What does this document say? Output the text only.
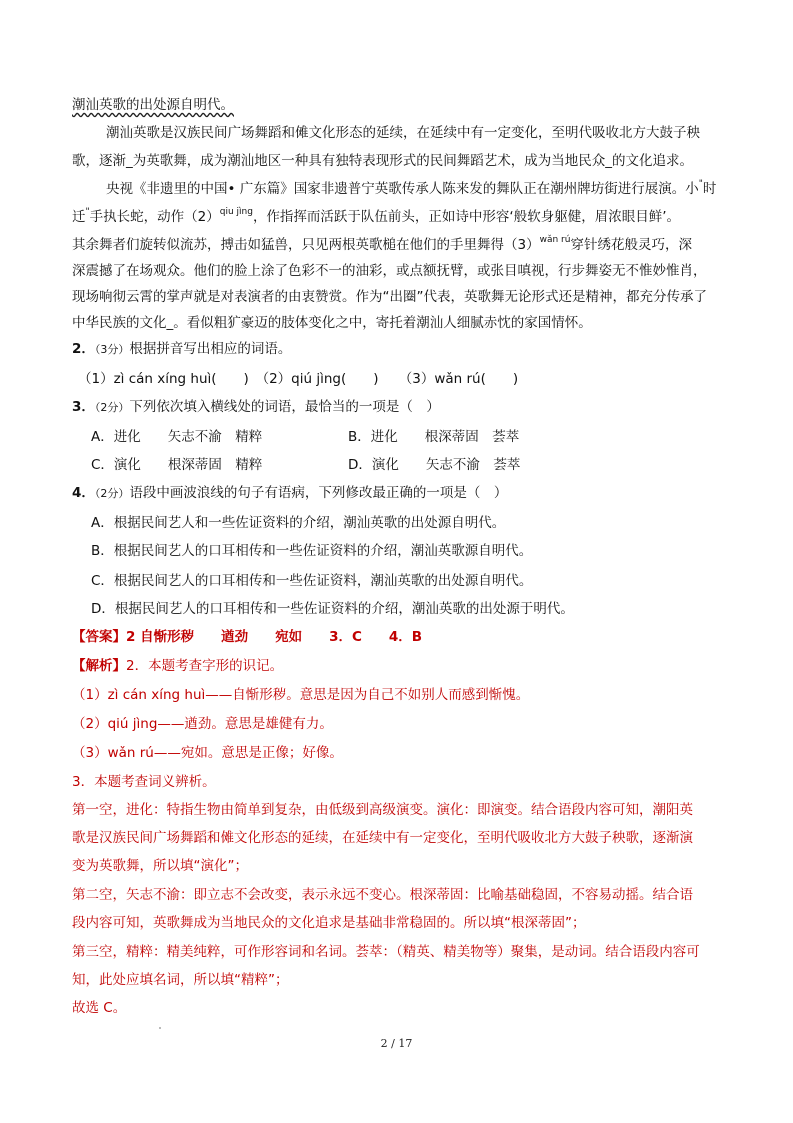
潮汕英歌的出处源自明代。
潮汕英歌是汉族民间广场舞蹈和傩文化形态的延续，在延续中有一定变化，至明代吸收北方大鼓子秧
歌，逐渐_为英歌舞，成为潮汕地区一种具有独特表现形式的民间舞蹈艺术，成为当地民众_的文化追求。
央视《非遗里的中国• 广东篇》国家非遗普宁英歌传承人陈来发的舞队正在潮州牌坊街进行展演。小"时
迁"手执长蛇，动作$(2)^{qiu jìng}$，作指挥而活跃于队伍前头，正如诗中形容‘般软身躯健，眉浓眼目鲜’。
其余舞者们旋转似流苏，搏击如猛兽，只见两根英歌槌在他们的手里舞得$(3)^{wǎn rú}$穿针绣花般灵巧，深
深震撼了在场观众。他们的脸上涂了色彩不一的油彩，或点额抚臂，或张目嗔视，行步舞姿无不惟妙惟肖，
现场响彻云霄的掌声就是对表演者的由衷赞赏。作为“出圈”代表，英歌舞无论形式还是精神，都充分传承了
中华民族的文化_。看似粗犷豪迈的肢体变化之中，寄托着潮汕人细腻赤忱的家国情怀。
2．（3分）根据拼音写出相应的词语。
（1）zì cán xíng huì(　　)　（2）qiú jìng(　　)　　（3）wǎn rú(　　)
3．（2分）下列依次填入横线处的词语，最恰当的一项是（　）
A．进化　　矢志不渝　精粹	B．进化　　根深蒂固　荟萃
C．演化　　根深蒂固　精粹	D．演化　　矢志不渝　荟萃
4．（2分）语段中画波浪线的句子有语病，下列修改最正确的一项是（　）
A．根据民间艺人和一些佐证资料的介绍，潮汕英歌的出处源自明代。
B．根据民间艺人的口耳相传和一些佐证资料的介绍，潮汕英歌源自明代。
C．根据民间艺人的口耳相传和一些佐证资料，潮汕英歌的出处源自明代。
D．根据民间艺人的口耳相传和一些佐证资料的介绍，潮汕英歌的出处源于明代。
【答案】2 自惭形秽　　遒劲　　宛如　　3．C　　4．B
【解析】2．本题考查字形的识记。
（1）zì cán xíng huì——自惭形秽。意思是因为自己不如别人而感到惭愧。
（2）qiú jìng——遒劲。意思是雄健有力。
（3）wǎn rú——宛如。意思是正像；好像。
3．本题考查词义辨析。
第一空，进化：特指生物由简单到复杂，由低级到高级演变。演化：即演变。结合语段内容可知，潮阳英
歌是汉族民间广场舞蹈和傩文化形态的延续，在延续中有一定变化，至明代吸收北方大鼓子秧歌，逐渐演
变为英歌舞，所以填“演化”；
第二空，矢志不渝：即立志不会改变，表示永远不变心。根深蒂固：比喻基础稳固，不容易动摇。结合语
段内容可知，英歌舞成为当地民众的文化追求是基础非常稳固的。所以填“根深蒂固”；
第三空，精粹：精美纯粹，可作形容词和名词。荟萃：（精英、精美物等）聚集，是动词。结合语段内容可
知，此处应填名词，所以填“精粹”；
故选 C。
2 / 17
